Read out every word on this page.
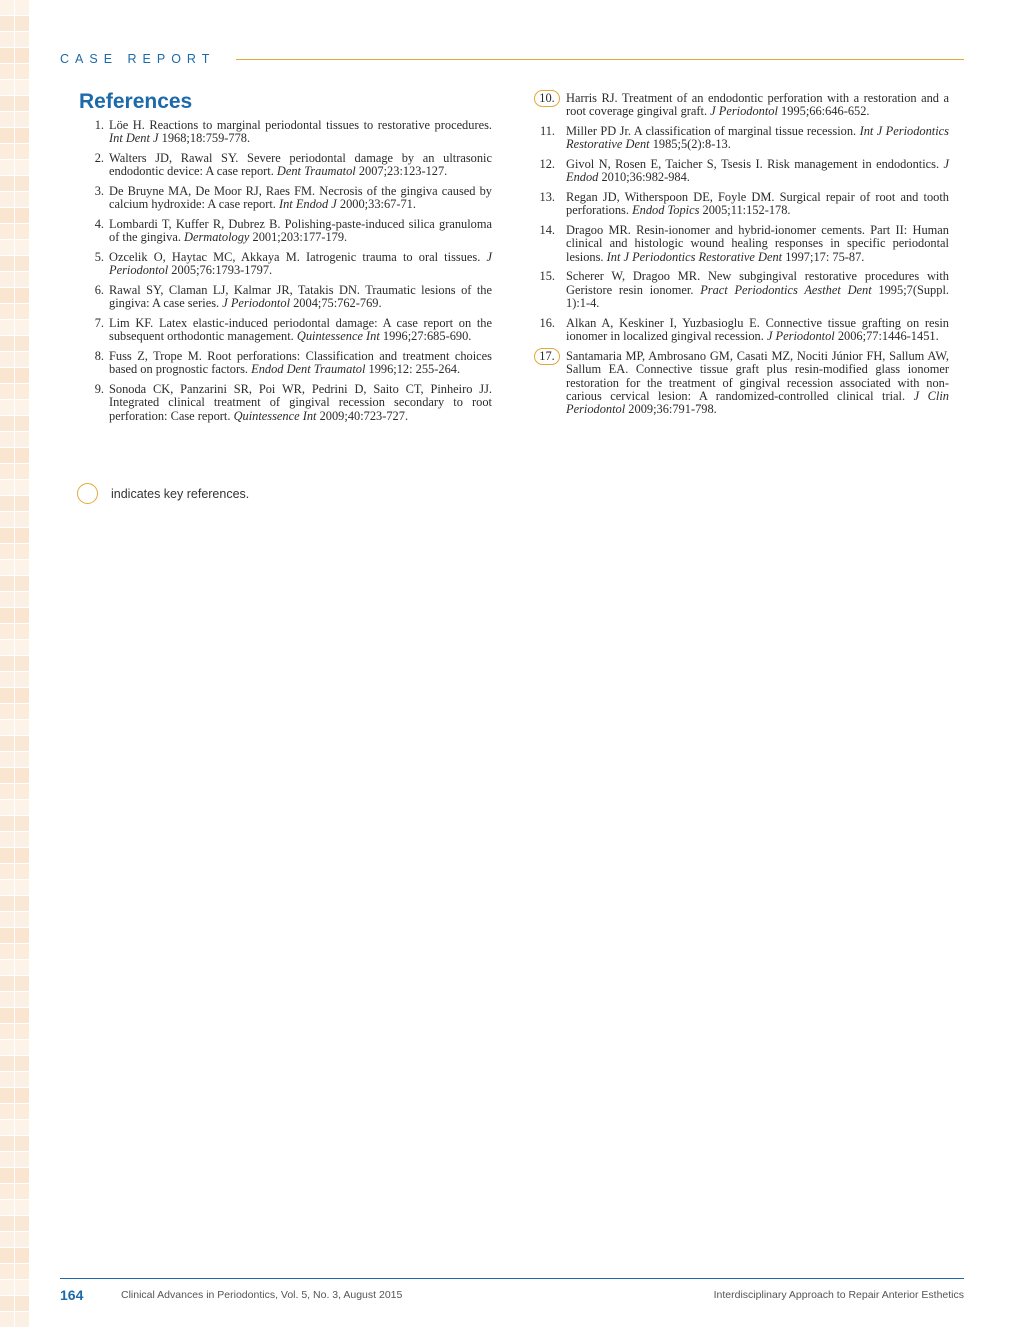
CASE REPORT
References
1. Löe H. Reactions to marginal periodontal tissues to restorative procedures. Int Dent J 1968;18:759-778.
2. Walters JD, Rawal SY. Severe periodontal damage by an ultrasonic endodontic device: A case report. Dent Traumatol 2007;23:123-127.
3. De Bruyne MA, De Moor RJ, Raes FM. Necrosis of the gingiva caused by calcium hydroxide: A case report. Int Endod J 2000;33:67-71.
4. Lombardi T, Kuffer R, Dubrez B. Polishing-paste-induced silica granuloma of the gingiva. Dermatology 2001;203:177-179.
5. Ozcelik O, Haytac MC, Akkaya M. Iatrogenic trauma to oral tissues. J Periodontol 2005;76:1793-1797.
6. Rawal SY, Claman LJ, Kalmar JR, Tatakis DN. Traumatic lesions of the gingiva: A case series. J Periodontol 2004;75:762-769.
7. Lim KF. Latex elastic-induced periodontal damage: A case report on the subsequent orthodontic management. Quintessence Int 1996;27:685-690.
8. Fuss Z, Trope M. Root perforations: Classification and treatment choices based on prognostic factors. Endod Dent Traumatol 1996;12: 255-264.
9. Sonoda CK, Panzarini SR, Poi WR, Pedrini D, Saito CT, Pinheiro JJ. Integrated clinical treatment of gingival recession secondary to root perforation: Case report. Quintessence Int 2009;40:723-727.
10. Harris RJ. Treatment of an endodontic perforation with a restoration and a root coverage gingival graft. J Periodontol 1995;66:646-652.
11. Miller PD Jr. A classification of marginal tissue recession. Int J Periodontics Restorative Dent 1985;5(2):8-13.
12. Givol N, Rosen E, Taicher S, Tsesis I. Risk management in endodontics. J Endod 2010;36:982-984.
13. Regan JD, Witherspoon DE, Foyle DM. Surgical repair of root and tooth perforations. Endod Topics 2005;11:152-178.
14. Dragoo MR. Resin-ionomer and hybrid-ionomer cements. Part II: Human clinical and histologic wound healing responses in specific periodontal lesions. Int J Periodontics Restorative Dent 1997;17: 75-87.
15. Scherer W, Dragoo MR. New subgingival restorative procedures with Geristore resin ionomer. Pract Periodontics Aesthet Dent 1995;7(Suppl. 1):1-4.
16. Alkan A, Keskiner I, Yuzbasioglu E. Connective tissue grafting on resin ionomer in localized gingival recession. J Periodontol 2006;77:1446-1451.
17. Santamaria MP, Ambrosano GM, Casati MZ, Nociti Júnior FH, Sallum AW, Sallum EA. Connective tissue graft plus resin-modified glass ionomer restoration for the treatment of gingival recession associated with non-carious cervical lesion: A randomized-controlled clinical trial. J Clin Periodontol 2009;36:791-798.
indicates key references.
164	Clinical Advances in Periodontics, Vol. 5, No. 3, August 2015	Interdisciplinary Approach to Repair Anterior Esthetics
